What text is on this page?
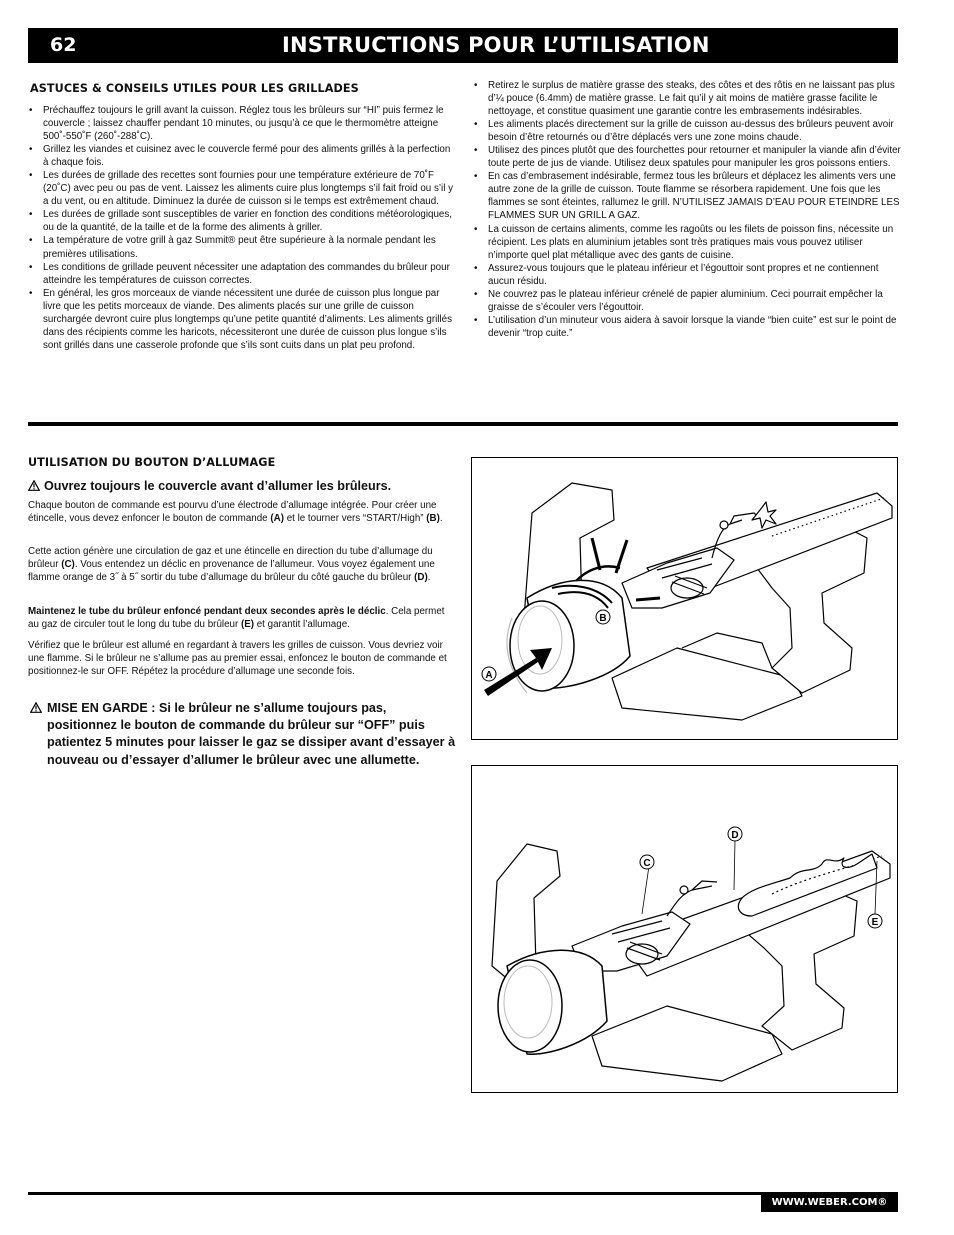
62	INSTRUCTIONS POUR L’UTILISATION
ASTUCES & CONSEILS UTILES POUR LES GRILLADES
• Préchauffez toujours le grill avant la cuisson. Réglez tous les brûleurs sur “HI” puis fermez le couvercle ; laissez chauffer pendant 10 minutes, ou jusqu’à ce que le thermomètre atteigne 500˚-550˚F (260˚-288˚C).
• Grillez les viandes et cuisinez avec le couvercle fermé pour des aliments grillés à la perfection à chaque fois.
• Les durées de grillade des recettes sont fournies pour une température extérieure de 70˚F (20˚C) avec peu ou pas de vent. Laissez les aliments cuire plus longtemps s’il fait froid ou s’il y a du vent, ou en altitude. Diminuez la durée de cuisson si le temps est extrêmement chaud.
• Les durées de grillade sont susceptibles de varier en fonction des conditions météorologiques, ou de la quantité, de la taille et de la forme des aliments à griller.
• La température de votre grill à gaz Summit® peut être supérieure à la normale pendant les premières utilisations.
• Les conditions de grillade peuvent nécessiter une adaptation des commandes du brûleur pour atteindre les températures de cuisson correctes.
• En général, les gros morceaux de viande nécessitent une durée de cuisson plus longue par livre que les petits morceaux de viande. Des aliments placés sur une grille de cuisson surchargée devront cuire plus longtemps qu’une petite quantité d’aliments. Les aliments grillés dans des récipients comme les haricots, nécessiteront une durée de cuisson plus longue s’ils sont grillés dans une casserole profonde que s’ils sont cuits dans un plat peu profond.
• Retirez le surplus de matière grasse des steaks, des côtes et des rôtis en ne laissant pas plus d’¼ pouce (6.4mm) de matière grasse. Le fait qu’il y ait moins de matière grasse facilite le nettoyage, et constitue quasiment une garantie contre les embrasements indésirables.
• Les aliments placés directement sur la grille de cuisson au-dessus des brûleurs peuvent avoir besoin d’être retournés ou d’être déplacés vers une zone moins chaude.
• Utilisez des pinces plutôt que des fourchettes pour retourner et manipuler la viande afin d’éviter toute perte de jus de viande. Utilisez deux spatules pour manipuler les gros poissons entiers.
• En cas d’embrasement indésirable, fermez tous les brûleurs et déplacez les aliments vers une autre zone de la grille de cuisson. Toute flamme se résorbera rapidement. Une fois que les flammes se sont éteintes, rallumez le grill. N’UTILISEZ JAMAIS D’EAU POUR ETEINDRE LES FLAMMES SUR UN GRILL A GAZ.
• La cuisson de certains aliments, comme les ragoûts ou les filets de poisson fins, nécessite un récipient. Les plats en aluminium jetables sont très pratiques mais vous pouvez utiliser n’importe quel plat métallique avec des gants de cuisine.
• Assurez-vous toujours que le plateau inférieur et l’égouttoir sont propres et ne contiennent aucun résidu.
• Ne couvrez pas le plateau inférieur crénelé de papier aluminium. Ceci pourrait empêcher la graisse de s’écouler vers l’égouttoir.
• L’utilisation d’un minuteur vous aidera à savoir lorsque la viande “bien cuite” est sur le point de devenir “trop cuite.”
UTILISATION DU BOUTON D’ALLUMAGE
Ouvrez toujours le couvercle avant d’allumer les brûleurs.

Chaque bouton de commande est pourvu d’une électrode d’allumage intégrée. Pour créer une étincelle, vous devez enfoncer le bouton de commande (A) et le tourner vers “START/High” (B).

Cette action génère une circulation de gaz et une étincelle en direction du tube d’allumage du brûleur (C). Vous entendez un déclic en provenance de l’allumeur. Vous voyez également une flamme orange de 3˝ à 5˝ sortir du tube d’allumage du brûleur du côté gauche du brûleur (D).

Maintenez le tube du brûleur enfoncé pendant deux secondes après le déclic. Cela permet au gaz de circuler tout le long du tube du brûleur (E) et garantit l’allumage.

Vérifiez que le brûleur est allumé en regardant à travers les grilles de cuisson. Vous devriez voir une flamme. Si le brûleur ne s’allume pas au premier essai, enfoncez le bouton de commande et positionnez-le sur OFF. Répétez la procédure d’allumage une seconde fois.

MISE EN GARDE : Si le brûleur ne s’allume toujours pas, positionnez le bouton de commande du brûleur sur “OFF” puis patientez 5 minutes pour laisser le gaz se dissiper avant d’essayer à nouveau ou d’essayer d’allumer le brûleur avec une allumette.
B
A
C
D
E
WWW.WEBER.COM®
